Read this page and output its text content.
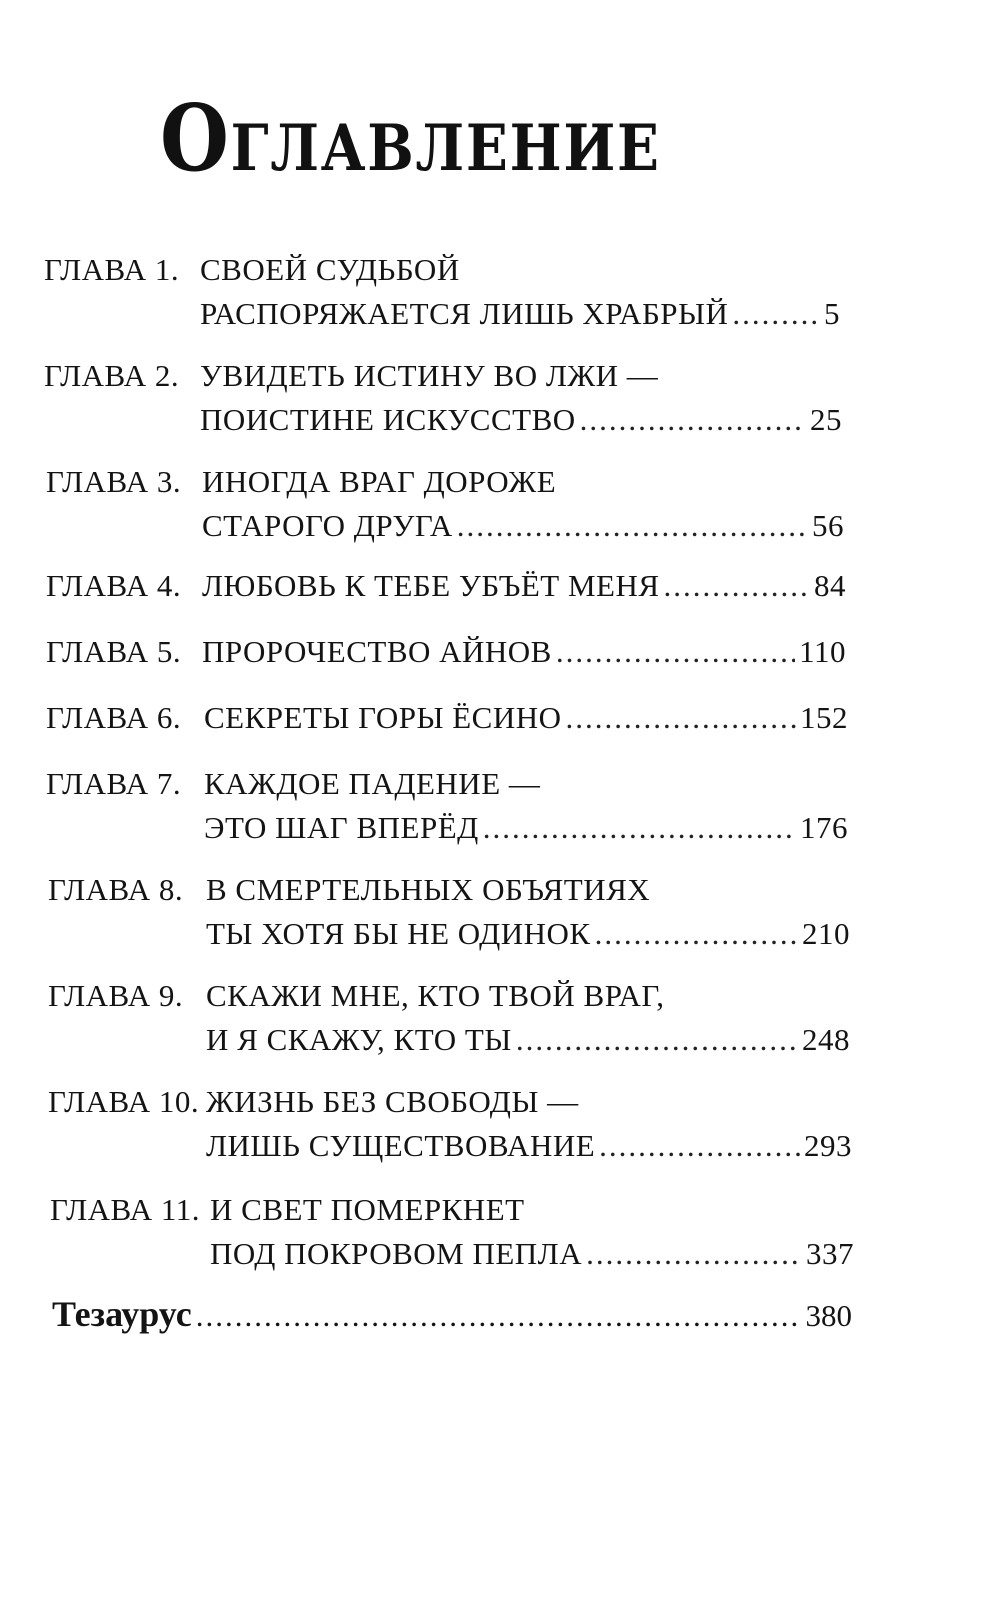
Оглавление
ГЛАВА 1. СВОЕЙ СУДЬБОЙ
РАСПОРЯЖАЕТСЯ ЛИШЬ ХРАБРЫЙ .....	5
ГЛАВА 2. УВИДЕТЬ ИСТИНУ ВО ЛЖИ —
ПОИСТИНЕ ИСКУССТВО .....	25
ГЛАВА 3. ИНОГДА ВРАГ ДОРОЖЕ
СТАРОГО ДРУГА .....	56
ГЛАВА 4. ЛЮБОВЬ К ТЕБЕ УБЪЁТ МЕНЯ .....	84
ГЛАВА 5. ПРОРОЧЕСТВО АЙНОВ .....	110
ГЛАВА 6. СЕКРЕТЫ ГОРЫ ЁСИНО .....	152
ГЛАВА 7. КАЖДОЕ ПАДЕНИЕ —
ЭТО ШАГ ВПЕРЁД .....	176
ГЛАВА 8. В СМЕРТЕЛЬНЫХ ОБЪЯТИЯХ
ТЫ ХОТЯ БЫ НЕ ОДИНОК .....	210
ГЛАВА 9. СКАЖИ МНЕ, КТО ТВОЙ ВРАГ,
И Я СКАЖУ, КТО ТЫ .....	248
ГЛАВА 10. ЖИЗНЬ БЕЗ СВОБОДЫ —
ЛИШЬ СУЩЕСТВОВАНИЕ .....	293
ГЛАВА 11. И СВЕТ ПОМЕРКНЕТ
ПОД ПОКРОВОМ ПЕПЛА .....	337
Тезаурус .....	380
